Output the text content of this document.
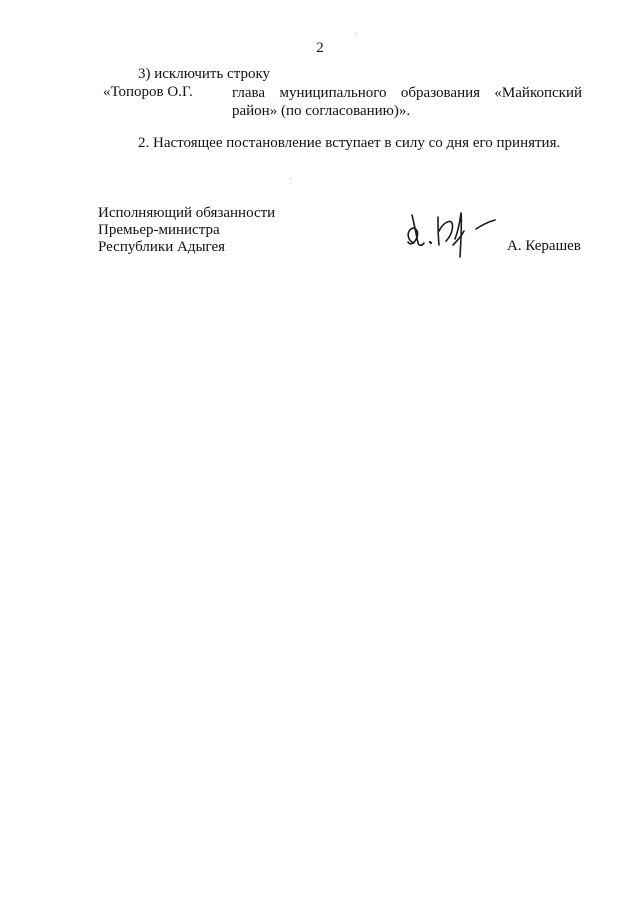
2
3) исключить строку
«Топоров О.Г.	глава муниципального образования «Майкопский район» (по согласованию)».
2. Настоящее постановление вступает в силу со дня его принятия.
Исполняющий обязанности
Премьер-министра
Республики Адыгея	А. Керашев
